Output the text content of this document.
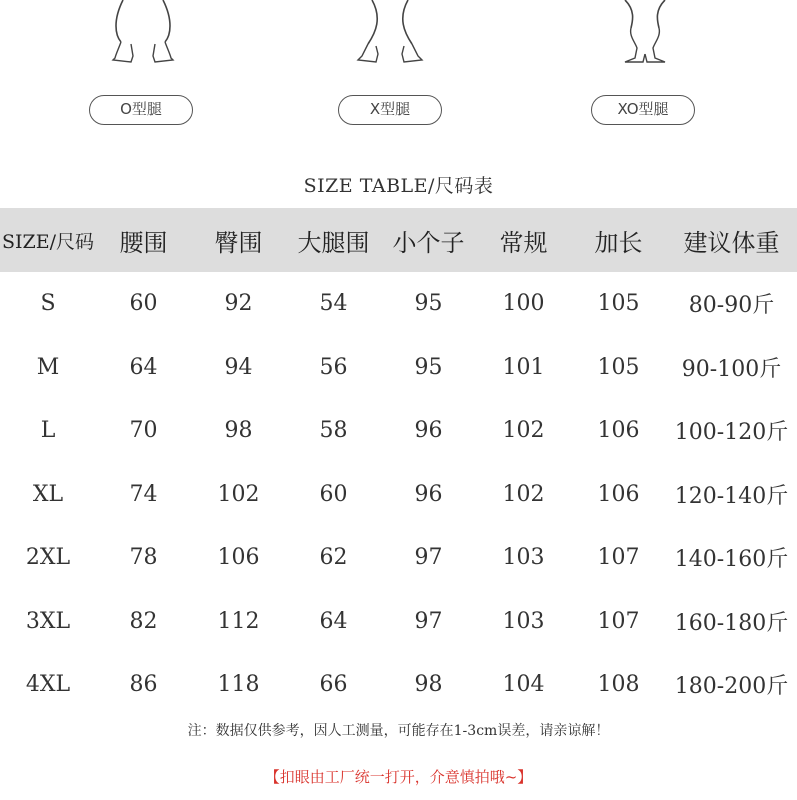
O型腿	X型腿	XO型腿
SIZE TABLE/尺码表
SIZE/尺码	腰围	臀围	大腿围	小个子	常规	加长	建议体重
S	60	92	54	95	100	105	80-90斤
M	64	94	56	95	101	105	90-100斤
L	70	98	58	96	102	106	100-120斤
XL	74	102	60	96	102	106	120-140斤
2XL	78	106	62	97	103	107	140-160斤
3XL	82	112	64	97	103	107	160-180斤
4XL	86	118	66	98	104	108	180-200斤
注：数据仅供参考，因人工测量，可能存在1-3cm误差，请亲谅解！
【扣眼由工厂统一打开，介意慎拍哦~】
